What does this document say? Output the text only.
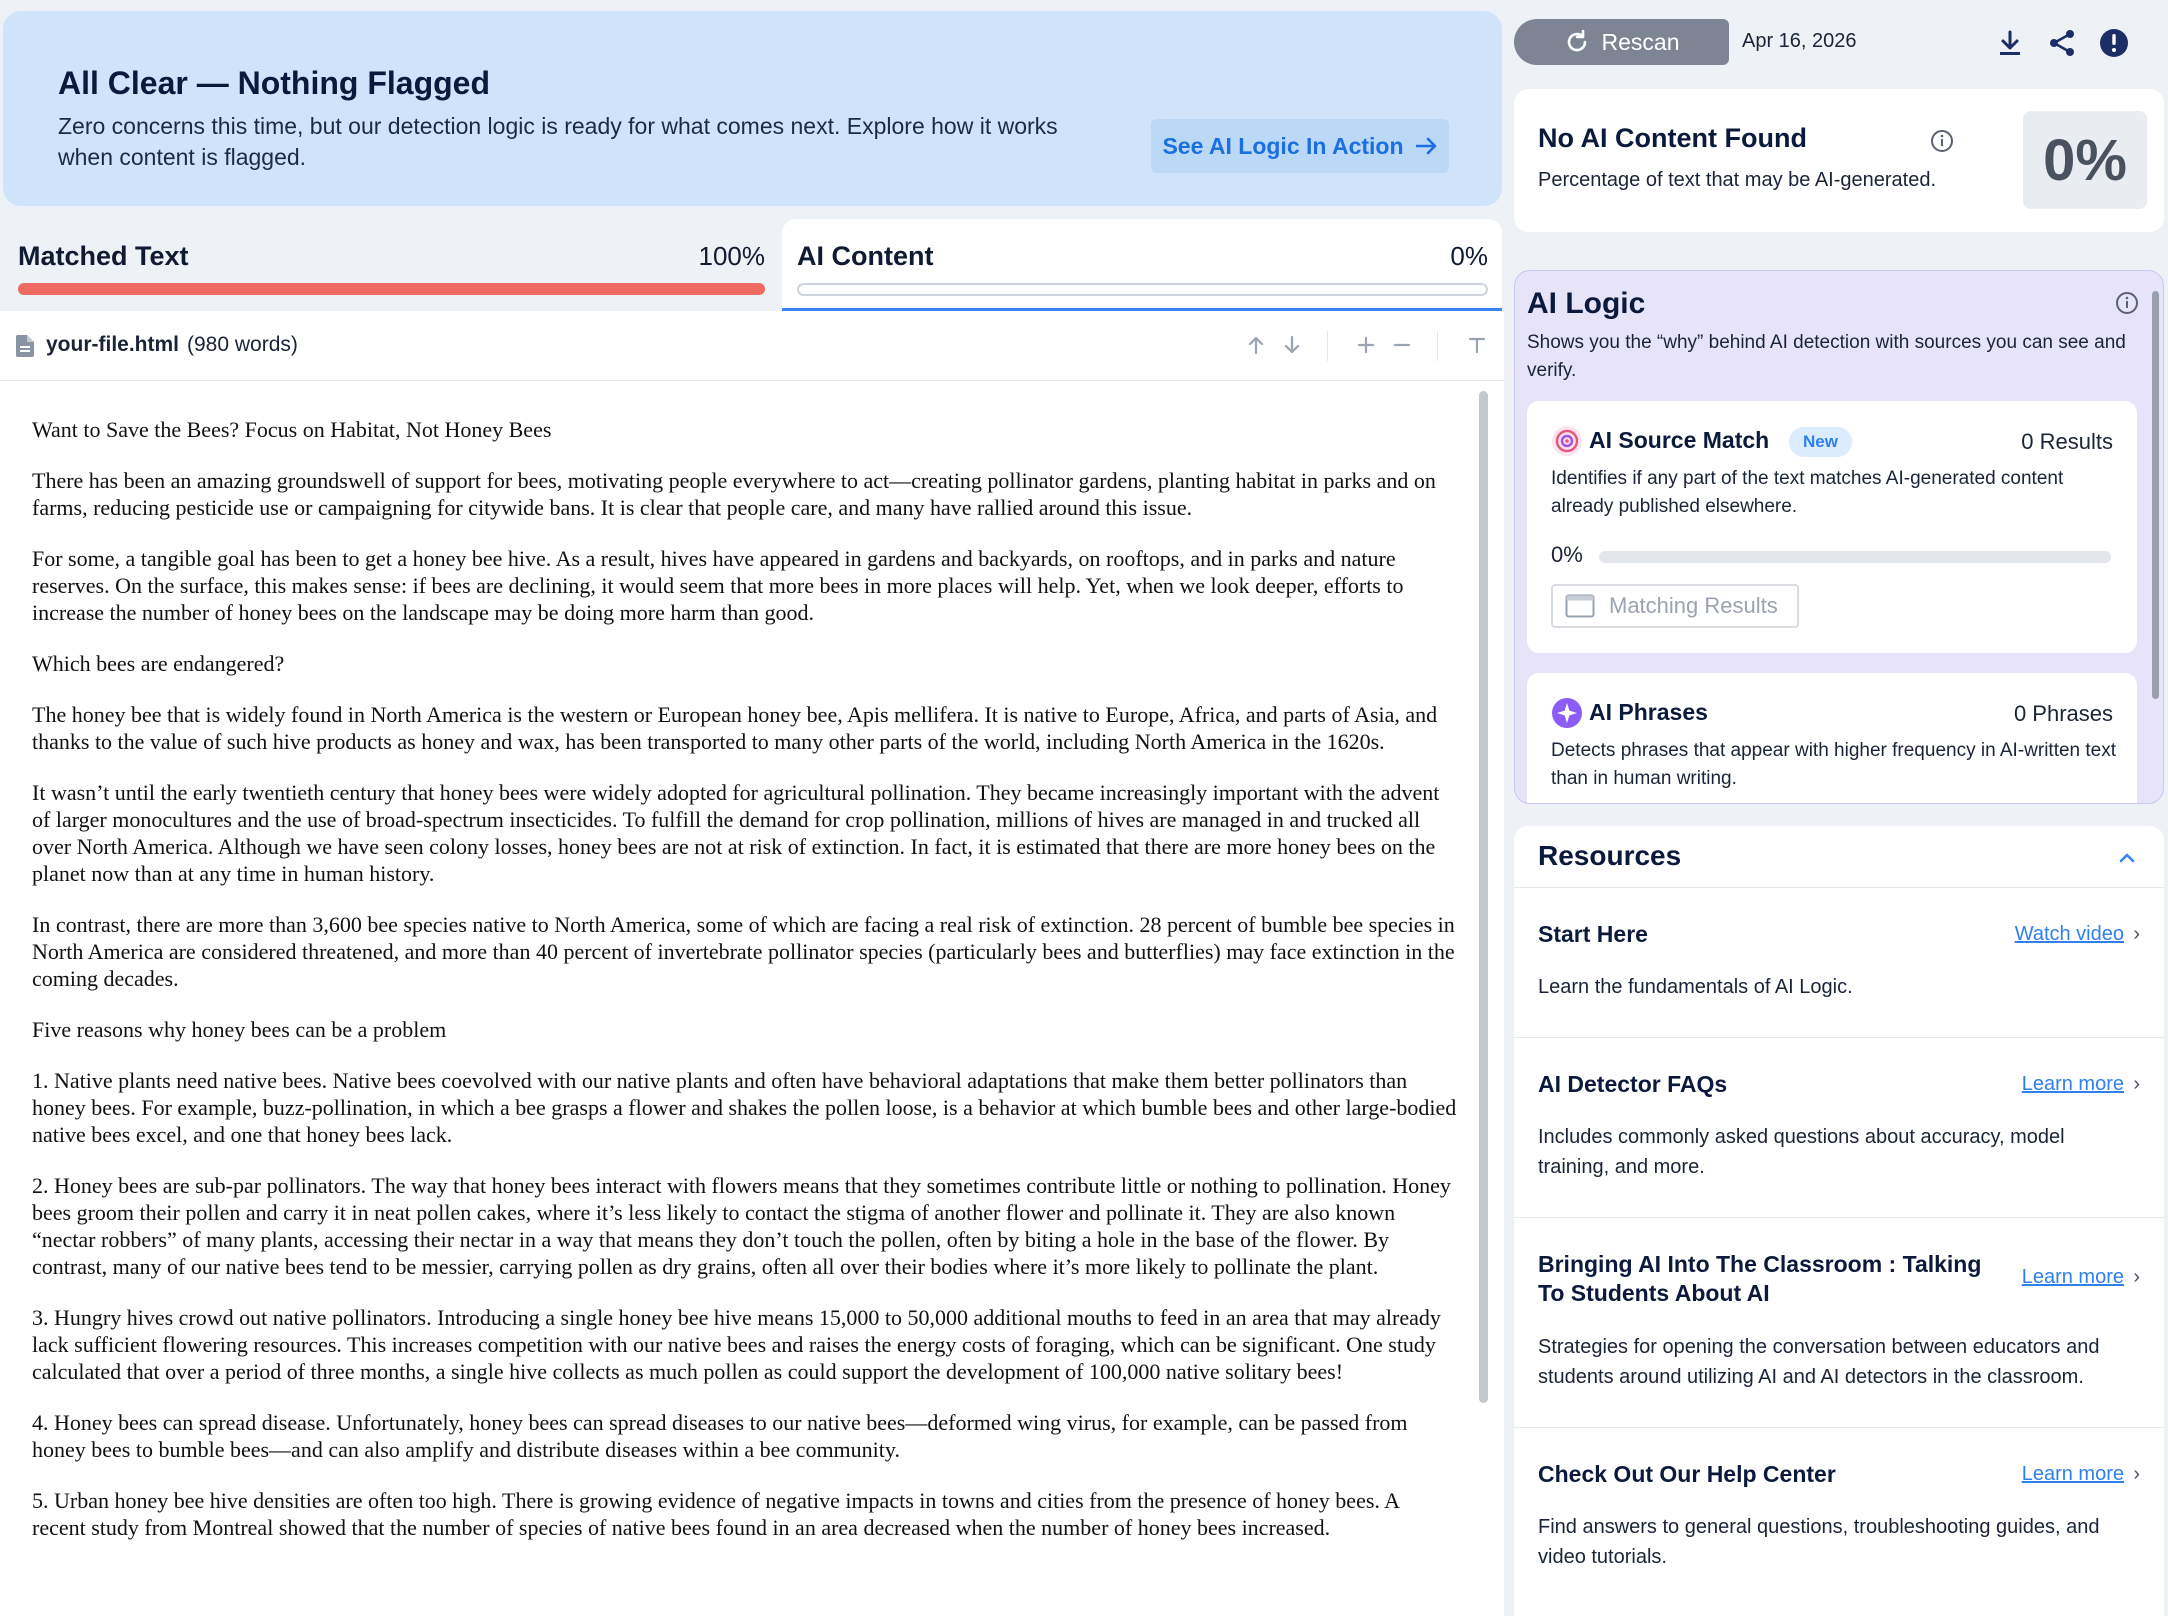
All Clear — Nothing Flagged
Zero concerns this time, but our detection logic is ready for what comes next. Explore how it works when content is flagged.	See AI Logic In Action
Matched Text	100% AI Content	0%
your-file.html (980 words)

Want to Save the Bees? Focus on Habitat, Not Honey Bees

There has been an amazing groundswell of support for bees, motivating people everywhere to act—creating pollinator gardens, planting habitat in parks and on farms, reducing pesticide use or campaigning for citywide bans. It is clear that people care, and many have rallied around this issue.

For some, a tangible goal has been to get a honey bee hive. As a result, hives have appeared in gardens and backyards, on rooftops, and in parks and nature reserves. On the surface, this makes sense: if bees are declining, it would seem that more bees in more places will help. Yet, when we look deeper, efforts to increase the number of honey bees on the landscape may be doing more harm than good.

Which bees are endangered?

The honey bee that is widely found in North America is the western or European honey bee, Apis mellifera. It is native to Europe, Africa, and parts of Asia, and thanks to the value of such hive products as honey and wax, has been transported to many other parts of the world, including North America in the 1620s.

It wasn’t until the early twentieth century that honey bees were widely adopted for agricultural pollination. They became increasingly important with the advent of larger monocultures and the use of broad-spectrum insecticides. To fulfill the demand for crop pollination, millions of hives are managed in and trucked all over North America. Although we have seen colony losses, honey bees are not at risk of extinction. In fact, it is estimated that there are more honey bees on the planet now than at any time in human history.

In contrast, there are more than 3,600 bee species native to North America, some of which are facing a real risk of extinction. 28 percent of bumble bee species in North America are considered threatened, and more than 40 percent of invertebrate pollinator species (particularly bees and butterflies) may face extinction in the coming decades.

Five reasons why honey bees can be a problem

1. Native plants need native bees. Native bees coevolved with our native plants and often have behavioral adaptations that make them better pollinators than honey bees. For example, buzz-pollination, in which a bee grasps a flower and shakes the pollen loose, is a behavior at which bumble bees and other large-bodied native bees excel, and one that honey bees lack.

2. Honey bees are sub-par pollinators. The way that honey bees interact with flowers means that they sometimes contribute little or nothing to pollination. Honey bees groom their pollen and carry it in neat pollen cakes, where it’s less likely to contact the stigma of another flower and pollinate it. They are also known “nectar robbers” of many plants, accessing their nectar in a way that means they don’t touch the pollen, often by biting a hole in the base of the flower. By contrast, many of our native bees tend to be messier, carrying pollen as dry grains, often all over their bodies where it’s more likely to pollinate the plant.

3. Hungry hives crowd out native pollinators. Introducing a single honey bee hive means 15,000 to 50,000 additional mouths to feed in an area that may already lack sufficient flowering resources. This increases competition with our native bees and raises the energy costs of foraging, which can be significant. One study calculated that over a period of three months, a single hive collects as much pollen as could support the development of 100,000 native solitary bees!

4. Honey bees can spread disease. Unfortunately, honey bees can spread diseases to our native bees—deformed wing virus, for example, can be passed from honey bees to bumble bees—and can also amplify and distribute diseases within a bee community.

5. Urban honey bee hive densities are often too high. There is growing evidence of negative impacts in towns and cities from the presence of honey bees. A recent study from Montreal showed that the number of species of native bees found in an area decreased when the number of honey bees increased.

Rescan	Apr 16, 2026
No AI Content Found
Percentage of text that may be AI-generated.	0%
AI Logic
Shows you the “why” behind AI detection with sources you can see and verify.
AI Source Match	New	0 Results
Identifies if any part of the text matches AI-generated content already published elsewhere.
0%
Matching Results
AI Phrases	0 Phrases
Detects phrases that appear with higher frequency in AI-written text than in human writing.
Resources
Start Here	Watch video ›
Learn the fundamentals of AI Logic.
AI Detector FAQs	Learn more ›
Includes commonly asked questions about accuracy, model training, and more.
Bringing AI Into The Classroom : Talking To Students About AI
Learn more ›
Strategies for opening the conversation between educators and students around utilizing AI and AI detectors in the classroom.
Check Out Our Help Center	Learn more ›
Find answers to general questions, troubleshooting guides, and video tutorials.
